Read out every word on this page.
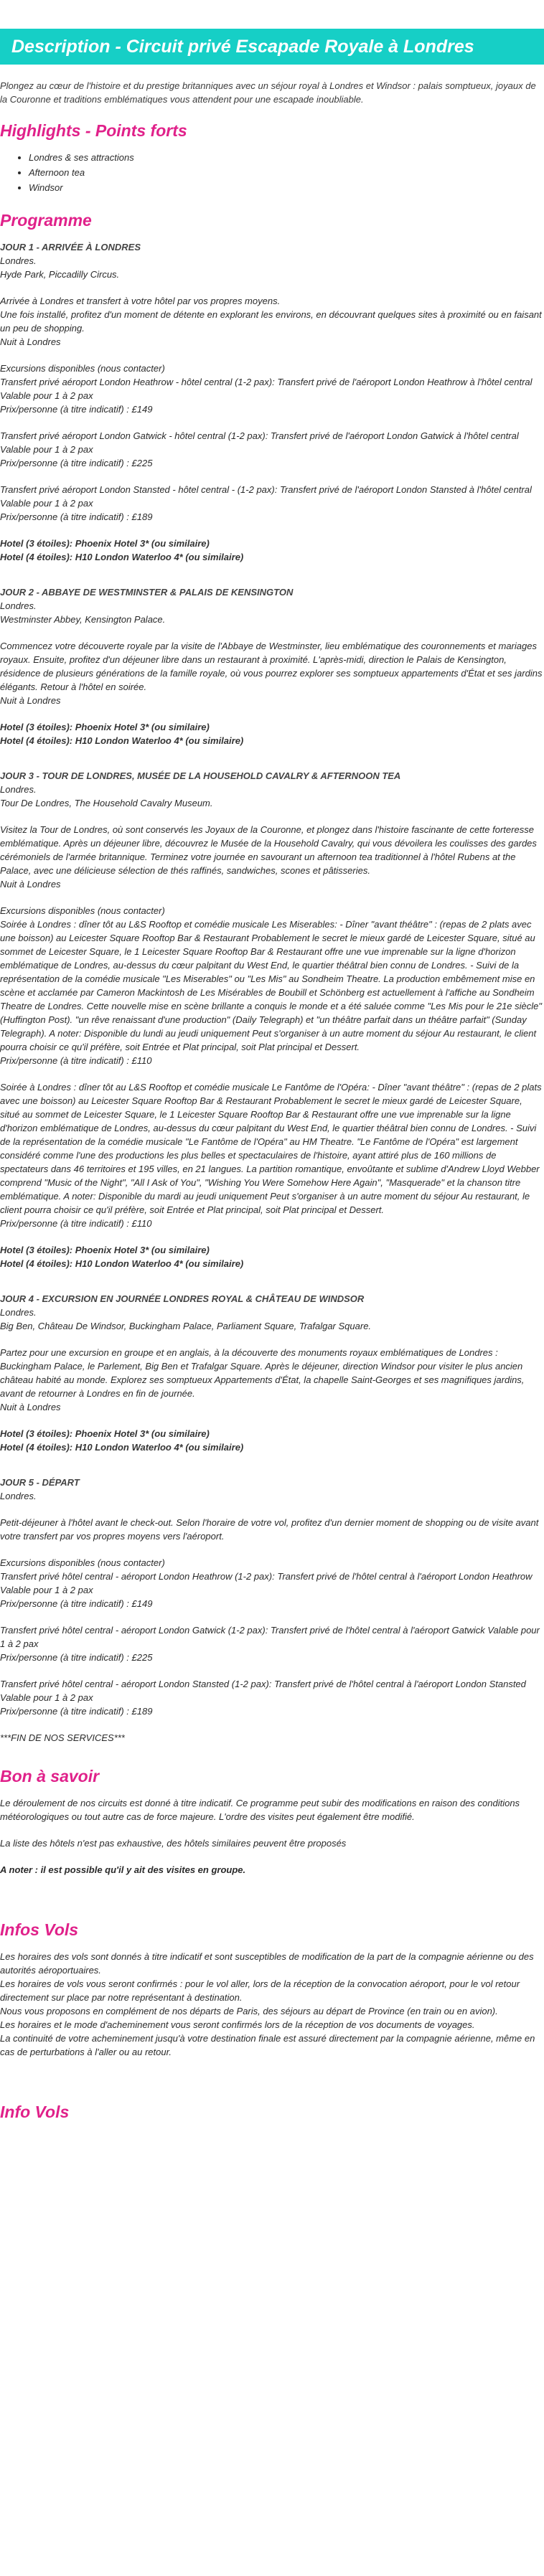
Description - Circuit privé Escapade Royale à Londres

Plongez au cœur de l'histoire et du prestige britanniques avec un séjour royal à Londres et Windsor : palais somptueux, joyaux de la Couronne et traditions emblématiques vous attendent pour une escapade inoubliable.

Highlights - Points forts
• Londres & ses attractions
• Afternoon tea
• Windsor
Programme

JOUR 1 - ARRIVÉE À LONDRES
Londres.
Hyde Park, Piccadilly Circus.

Arrivée à Londres et transfert à votre hôtel par vos propres moyens.
Une fois installé, profitez d'un moment de détente en explorant les environs, en découvrant quelques sites à proximité ou en faisant un peu de shopping.
Nuit à Londres

Excursions disponibles (nous contacter)
Transfert privé aéroport London Heathrow - hôtel central (1-2 pax): Transfert privé de l'aéroport London Heathrow à l'hôtel central Valable pour 1 à 2 pax
Prix/personne (à titre indicatif) : £149

Transfert privé aéroport London Gatwick - hôtel central (1-2 pax): Transfert privé de l'aéroport London Gatwick à l'hôtel central Valable pour 1 à 2 pax
Prix/personne (à titre indicatif) : £225

Transfert privé aéroport London Stansted - hôtel central - (1-2 pax): Transfert privé de l'aéroport London Stansted à l'hôtel central Valable pour 1 à 2 pax
Prix/personne (à titre indicatif) : £189

Hotel (3 étoiles): Phoenix Hotel 3* (ou similaire)
Hotel (4 étoiles): H10 London Waterloo 4* (ou similaire)

JOUR 2 - ABBAYE DE WESTMINSTER & PALAIS DE KENSINGTON
Londres.
Westminster Abbey, Kensington Palace.

Commencez votre découverte royale par la visite de l'Abbaye de Westminster, lieu emblématique des couronnements et mariages royaux. Ensuite, profitez d'un déjeuner libre dans un restaurant à proximité. L'après-midi, direction le Palais de Kensington, résidence de plusieurs générations de la famille royale, où vous pourrez explorer ses somptueux appartements d'État et ses jardins élégants. Retour à l'hôtel en soirée.
Nuit à Londres

Hotel (3 étoiles): Phoenix Hotel 3* (ou similaire)
Hotel (4 étoiles): H10 London Waterloo 4* (ou similaire)

JOUR 3 - TOUR DE LONDRES, MUSÉE DE LA HOUSEHOLD CAVALRY & AFTERNOON TEA
Londres.
Tour De Londres, The Household Cavalry Museum.

Visitez la Tour de Londres, où sont conservés les Joyaux de la Couronne, et plongez dans l'histoire fascinante de cette forteresse emblématique. Après un déjeuner libre, découvrez le Musée de la Household Cavalry, qui vous dévoilera les coulisses des gardes cérémoniels de l'armée britannique. Terminez votre journée en savourant un afternoon tea traditionnel à l'hôtel Rubens at the Palace, avec une délicieuse sélection de thés raffinés, sandwiches, scones et pâtisseries.
Nuit à Londres

Excursions disponibles (nous contacter)
Soirée à Londres : dîner tôt au L&S Rooftop et comédie musicale Les Miserables: - Dîner "avant théâtre" : (repas de 2 plats avec une boisson) au Leicester Square Rooftop Bar & Restaurant Probablement le secret le mieux gardé de Leicester Square, situé au sommet de Leicester Square, le 1 Leicester Square Rooftop Bar & Restaurant offre une vue imprenable sur la ligne d'horizon emblématique de Londres, au-dessus du cœur palpitant du West End, le quartier théâtral bien connu de Londres. - Suivi de la représentation de la comédie musicale "Les Miserables" ou "Les Mis" au Sondheim Theatre. La production embêmement mise en scène et acclamée par Cameron Mackintosh de Les Misérables de Boubill et Schönberg est actuellement à l'affiche au Sondheim Theatre de Londres. Cette nouvelle mise en scène brillante a conquis le monde et a été saluée comme "Les Mis pour le 21e siècle" (Huffington Post). "un rêve renaissant d'une production" (Daily Telegraph) et "un théâtre parfait dans un théâtre parfait" (Sunday Telegraph). A noter: Disponible du lundi au jeudi uniquement Peut s'organiser à un autre moment du séjour Au restaurant, le client pourra choisir ce qu'il préfère, soit Entrée et Plat principal, soit Plat principal et Dessert.
Prix/personne (à titre indicatif) : £110

Soirée à Londres : dîner tôt au L&S Rooftop et comédie musicale Le Fantôme de l'Opéra: - Dîner "avant théâtre" : (repas de 2 plats avec une boisson) au Leicester Square Rooftop Bar & Restaurant Probablement le secret le mieux gardé de Leicester Square, situé au sommet de Leicester Square, le 1 Leicester Square Rooftop Bar & Restaurant offre une vue imprenable sur la ligne d'horizon emblématique de Londres, au-dessus du cœur palpitant du West End, le quartier théâtral bien connu de Londres. - Suivi de la représentation de la comédie musicale "Le Fantôme de l'Opéra" au HM Theatre. "Le Fantôme de l'Opéra" est largement considéré comme l'une des productions les plus belles et spectaculaires de l'histoire, ayant attiré plus de 160 millions de spectateurs dans 46 territoires et 195 villes, en 21 langues. La partition romantique, envoûtante et sublime d'Andrew Lloyd Webber comprend "Music of the Night", "All I Ask of You", "Wishing You Were Somehow Here Again", "Masquerade" et la chanson titre emblématique. A noter: Disponible du mardi au jeudi uniquement Peut s'organiser à un autre moment du séjour Au restaurant, le client pourra choisir ce qu'il préfère, soit Entrée et Plat principal, soit Plat principal et Dessert.
Prix/personne (à titre indicatif) : £110

Hotel (3 étoiles): Phoenix Hotel 3* (ou similaire)
Hotel (4 étoiles): H10 London Waterloo 4* (ou similaire)

JOUR 4 - EXCURSION EN JOURNÉE LONDRES ROYAL & CHÂTEAU DE WINDSOR
Londres.
Big Ben, Château De Windsor, Buckingham Palace, Parliament Square, Trafalgar Square.

Partez pour une excursion en groupe et en anglais, à la découverte des monuments royaux emblématiques de Londres : Buckingham Palace, le Parlement, Big Ben et Trafalgar Square. Après le déjeuner, direction Windsor pour visiter le plus ancien château habité au monde. Explorez ses somptueux Appartements d'État, la chapelle Saint-Georges et ses magnifiques jardins, avant de retourner à Londres en fin de journée.
Nuit à Londres

Hotel (3 étoiles): Phoenix Hotel 3* (ou similaire)
Hotel (4 étoiles): H10 London Waterloo 4* (ou similaire)

JOUR 5 - DÉPART
Londres.

Petit-déjeuner à l'hôtel avant le check-out. Selon l'horaire de votre vol, profitez d'un dernier moment de shopping ou de visite avant votre transfert par vos propres moyens vers l'aéroport.

Excursions disponibles (nous contacter)
Transfert privé hôtel central - aéroport London Heathrow (1-2 pax): Transfert privé de l'hôtel central à l'aéroport London Heathrow Valable pour 1 à 2 pax
Prix/personne (à titre indicatif) : £149

Transfert privé hôtel central - aéroport London Gatwick (1-2 pax): Transfert privé de l'hôtel central à l'aéroport Gatwick Valable pour 1 à 2 pax
Prix/personne (à titre indicatif) : £225

Transfert privé hôtel central - aéroport London Stansted (1-2 pax): Transfert privé de l'hôtel central à l'aéroport London Stansted Valable pour 1 à 2 pax
Prix/personne (à titre indicatif) : £189

***FIN DE NOS SERVICES***

Bon à savoir

Le déroulement de nos circuits est donné à titre indicatif. Ce programme peut subir des modifications en raison des conditions météorologiques ou tout autre cas de force majeure. L'ordre des visites peut également être modifié.

La liste des hôtels n'est pas exhaustive, des hôtels similaires peuvent être proposés

A noter : il est possible qu'il y ait des visites en groupe.

Infos Vols
Les horaires des vols sont donnés à titre indicatif et sont susceptibles de modification de la part de la compagnie aérienne ou des autorités aéroportuaires.
Les horaires de vols vous seront confirmés : pour le vol aller, lors de la réception de la convocation aéroport, pour le vol retour directement sur place par notre représentant à destination.
Nous vous proposons en complément de nos départs de Paris, des séjours au départ de Province (en train ou en avion).
Les horaires et le mode d'acheminement vous seront confirmés lors de la réception de vos documents de voyages.
La continuité de votre acheminement jusqu'à votre destination finale est assuré directement par la compagnie aérienne, même en cas de perturbations à l'aller ou au retour.
Info Vols
